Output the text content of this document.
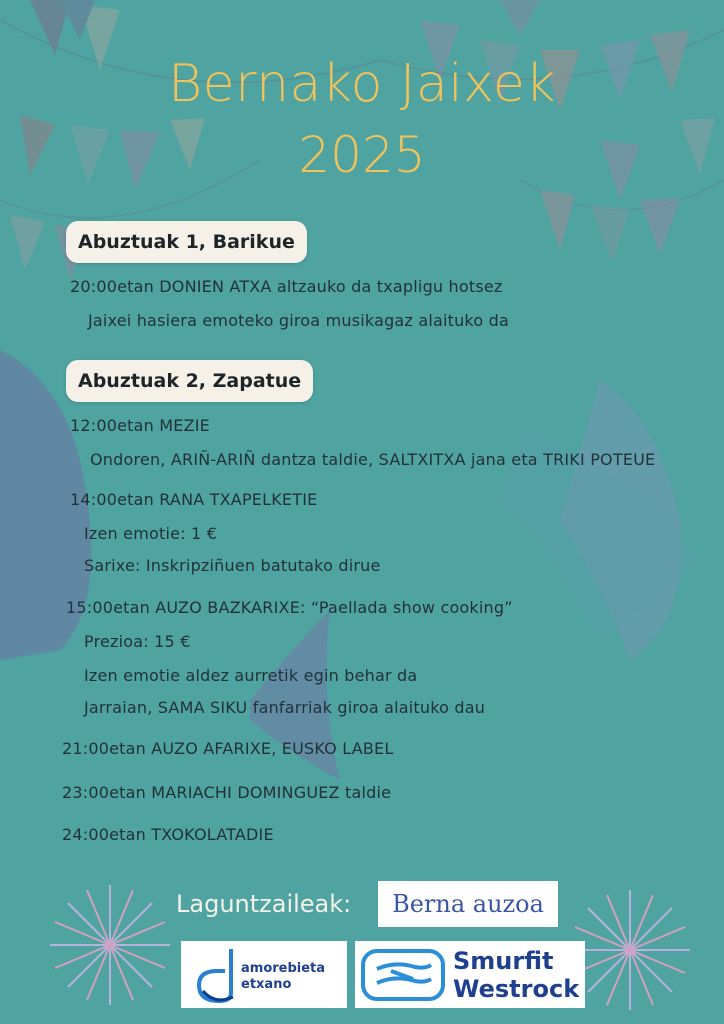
Bernako Jaixek
2025
Abuztuak 1, Barikue
20:00etan DONIEN ATXA altzauko da txapligu hotsez
Jaixei hasiera emoteko giroa musikagaz alaituko da
Abuztuak 2, Zapatue
12:00etan MEZIE
Ondoren, ARIÑ-ARIÑ dantza taldie, SALTXITXA jana eta TRIKI POTEUE
14:00etan RANA TXAPELKETIE
Izen emotie: 1 €
Sarixe: Inskripziñuen batutako dirue
15:00etan AUZO BAZKARIXE: “Paellada show cooking”
Prezioa: 15 €
Izen emotie aldez aurretik egin behar da
Jarraian, SAMA SIKU fanfarriak giroa alaituko dau
21:00etan AUZO AFARIXE, EUSKO LABEL
23:00etan MARIACHI DOMINGUEZ taldie
24:00etan TXOKOLATADIE
Laguntzaileak:	Berna auzoa
amorebieta
etxano
Smurfit
Westrock
